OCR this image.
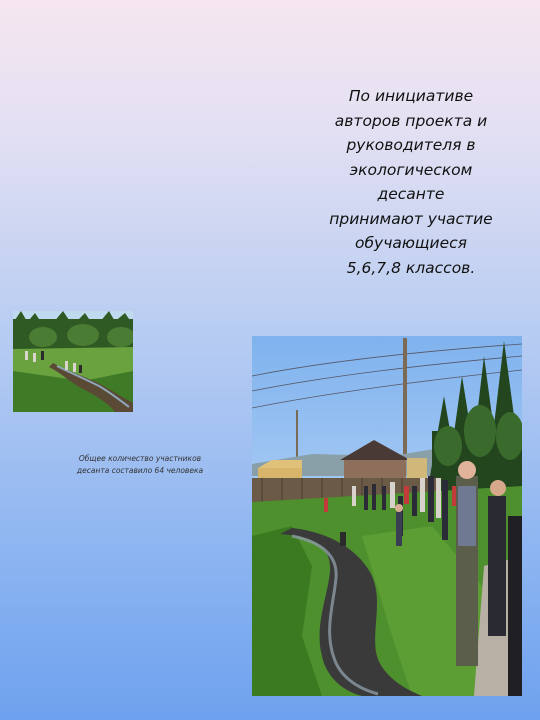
По инициативе
авторов проекта и
руководителя в
экологическом
десанте
принимают участие
обучающиеся
5,6,7,8 классов.
Общее количество участников
десанта составило 64 человека
